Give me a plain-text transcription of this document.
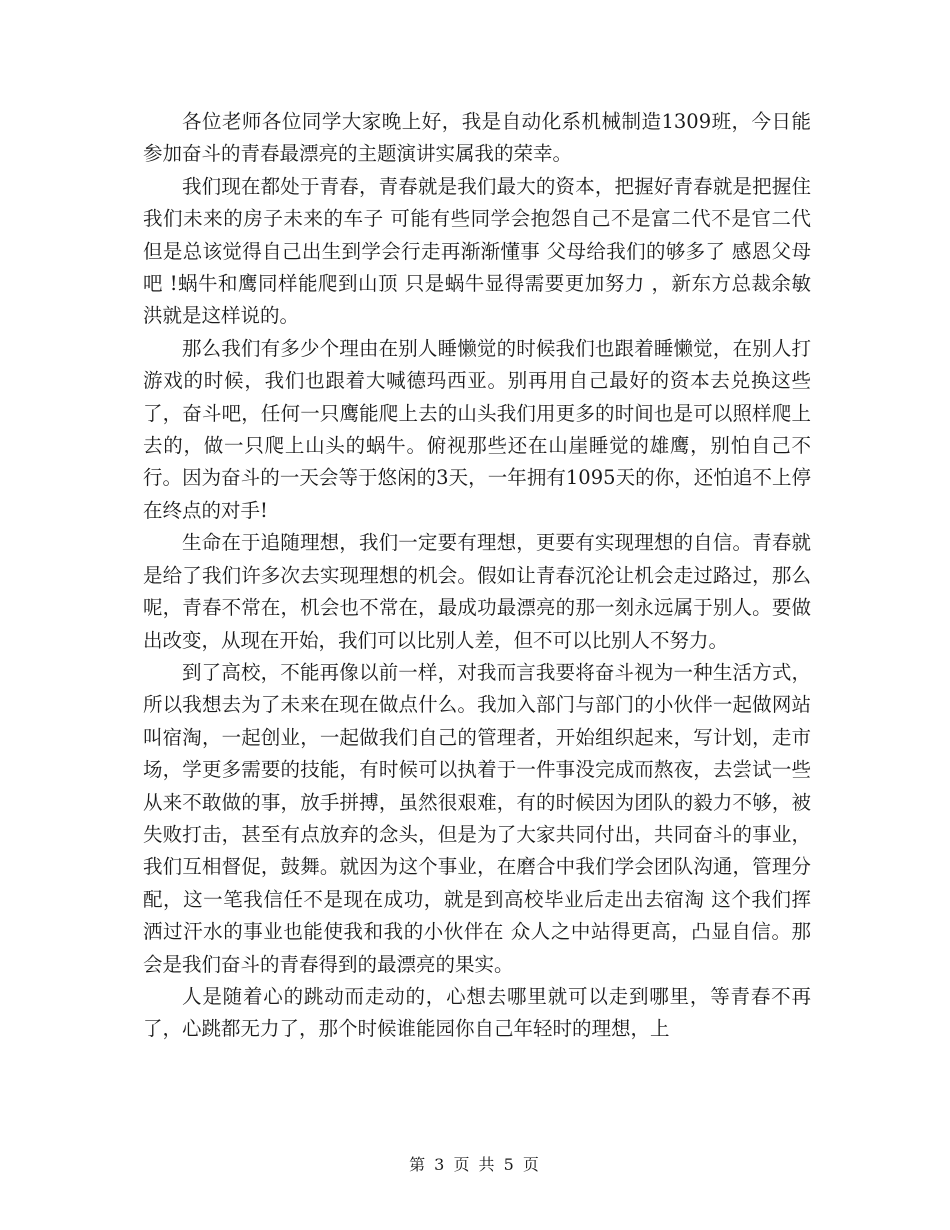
各位老师各位同学大家晚上好，我是自动化系机械制造1309班，今日能参加奋斗的青春最漂亮的主题演讲实属我的荣幸。

我们现在都处于青春，青春就是我们最大的资本，把握好青春就是把握住我们未来的房子未来的车子 可能有些同学会抱怨自己不是富二代不是官二代 但是总该觉得自己出生到学会行走再渐渐懂事 父母给我们的够多了 感恩父母吧 !蜗牛和鹰同样能爬到山顶 只是蜗牛显得需要更加努力 ，新东方总裁余敏洪就是这样说的。

那么我们有多少个理由在别人睡懒觉的时候我们也跟着睡懒觉，在别人打游戏的时候，我们也跟着大喊德玛西亚。别再用自己最好的资本去兑换这些了，奋斗吧，任何一只鹰能爬上去的山头我们用更多的时间也是可以照样爬上去的，做一只爬上山头的蜗牛。俯视那些还在山崖睡觉的雄鹰，别怕自己不行。因为奋斗的一天会等于悠闲的3天，一年拥有1095天的你，还怕追不上停在终点的对手!

生命在于追随理想，我们一定要有理想，更要有实现理想的自信。青春就是给了我们许多次去实现理想的机会。假如让青春沉沦让机会走过路过，那么呢，青春不常在，机会也不常在，最成功最漂亮的那一刻永远属于别人。要做出改变，从现在开始，我们可以比别人差，但不可以比别人不努力。

到了高校，不能再像以前一样，对我而言我要将奋斗视为一种生活方式，所以我想去为了未来在现在做点什么。我加入部门与部门的小伙伴一起做网站叫宿淘，一起创业，一起做我们自己的管理者，开始组织起来，写计划，走市场，学更多需要的技能，有时候可以执着于一件事没完成而熬夜，去尝试一些从来不敢做的事，放手拼搏，虽然很艰难，有的时候因为团队的毅力不够，被失败打击，甚至有点放弃的念头，但是为了大家共同付出，共同奋斗的事业，我们互相督促，鼓舞。就因为这个事业，在磨合中我们学会团队沟通，管理分配，这一笔我信任不是现在成功，就是到高校毕业后走出去宿淘 这个我们挥洒过汗水的事业也能使我和我的小伙伴在 众人之中站得更高，凸显自信。那会是我们奋斗的青春得到的最漂亮的果实。

人是随着心的跳动而走动的，心想去哪里就可以走到哪里，等青春不再了，心跳都无力了，那个时候谁能园你自己年轻时的理想，上

第 3 页 共 5 页
